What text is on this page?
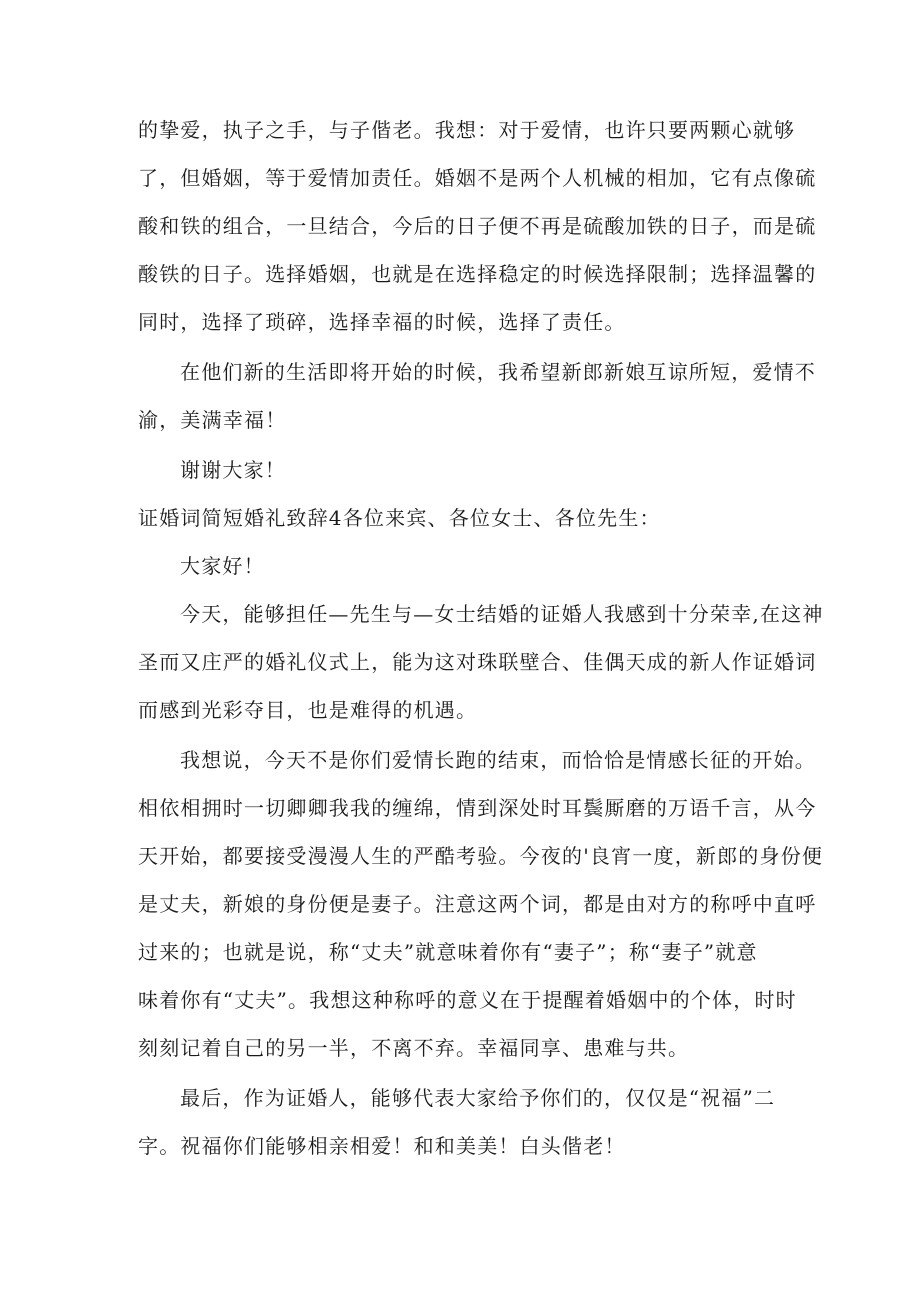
的挚爱，执子之手，与子偕老。我想：对于爱情，也许只要两颗心就够
了，但婚姻，等于爱情加责任。婚姻不是两个人机械的相加，它有点像硫
酸和铁的组合，一旦结合，今后的日子便不再是硫酸加铁的日子，而是硫
酸铁的日子。选择婚姻，也就是在选择稳定的时候选择限制；选择温馨的
同时，选择了琐碎，选择幸福的时候，选择了责任。
在他们新的生活即将开始的时候，我希望新郎新娘互谅所短，爱情不
渝，美满幸福！
谢谢大家！
证婚词简短婚礼致辞4各位来宾、各位女士、各位先生：
大家好！
今天，能够担任—先生与—女士结婚的证婚人我感到十分荣幸,在这神
圣而又庄严的婚礼仪式上，能为这对珠联壁合、佳偶天成的新人作证婚词
而感到光彩夺目，也是难得的机遇。
我想说，今天不是你们爱情长跑的结束，而恰恰是情感长征的开始。
相依相拥时一切卿卿我我的缠绵，情到深处时耳鬓厮磨的万语千言，从今
天开始，都要接受漫漫人生的严酷考验。今夜的'良宵一度，新郎的身份便
是丈夫，新娘的身份便是妻子。注意这两个词，都是由对方的称呼中直呼
过来的；也就是说，称“丈夫”就意味着你有“妻子”；称“妻子”就意
味着你有“丈夫”。我想这种称呼的意义在于提醒着婚姻中的个体，时时
刻刻记着自己的另一半，不离不弃。幸福同享、患难与共。
最后，作为证婚人，能够代表大家给予你们的，仅仅是“祝福”二
字。祝福你们能够相亲相爱！和和美美！白头偕老！
